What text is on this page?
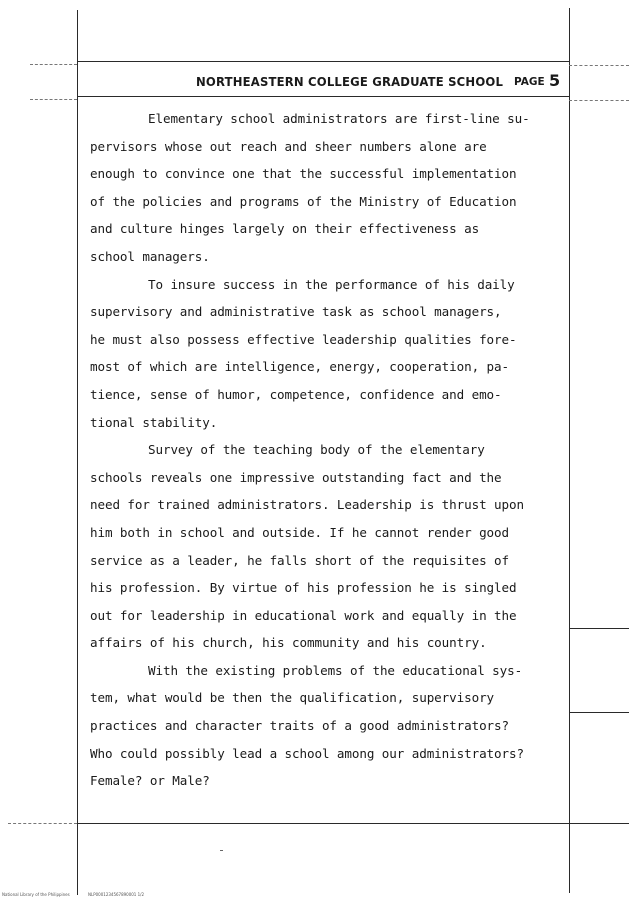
NORTHEASTERN COLLEGE GRADUATE SCHOOL PAGE 5
Elementary school administrators are first-line su-
pervisors whose out reach and sheer numbers alone are
enough to convince one that the successful implementation
of the policies and programs of the Ministry of Education
and culture hinges largely on their effectiveness as
school managers.
To insure success in the performance of his daily
supervisory and administrative task as school managers,
he must also possess effective leadership qualities fore-
most of which are intelligence, energy, cooperation, pa-
tience, sense of humor, competence, confidence and emo-
tional stability.
Survey of the teaching body of the elementary
schools reveals one impressive outstanding fact and the
need for trained administrators. Leadership is thrust upon
him both in school and outside. If he cannot render good
service as a leader, he falls short of the requisites of
his profession. By virtue of his profession he is singled
out for leadership in educational work and equally in the
affairs of his church, his community and his country.
With the existing problems of the educational sys-
tem, what would be then the qualification, supervisory
practices and character traits of a good administrators?
Who could possibly lead a school among our administrators?
Female? or Male?
National Library of the Philippines	NLP0001234567890001 1/2
